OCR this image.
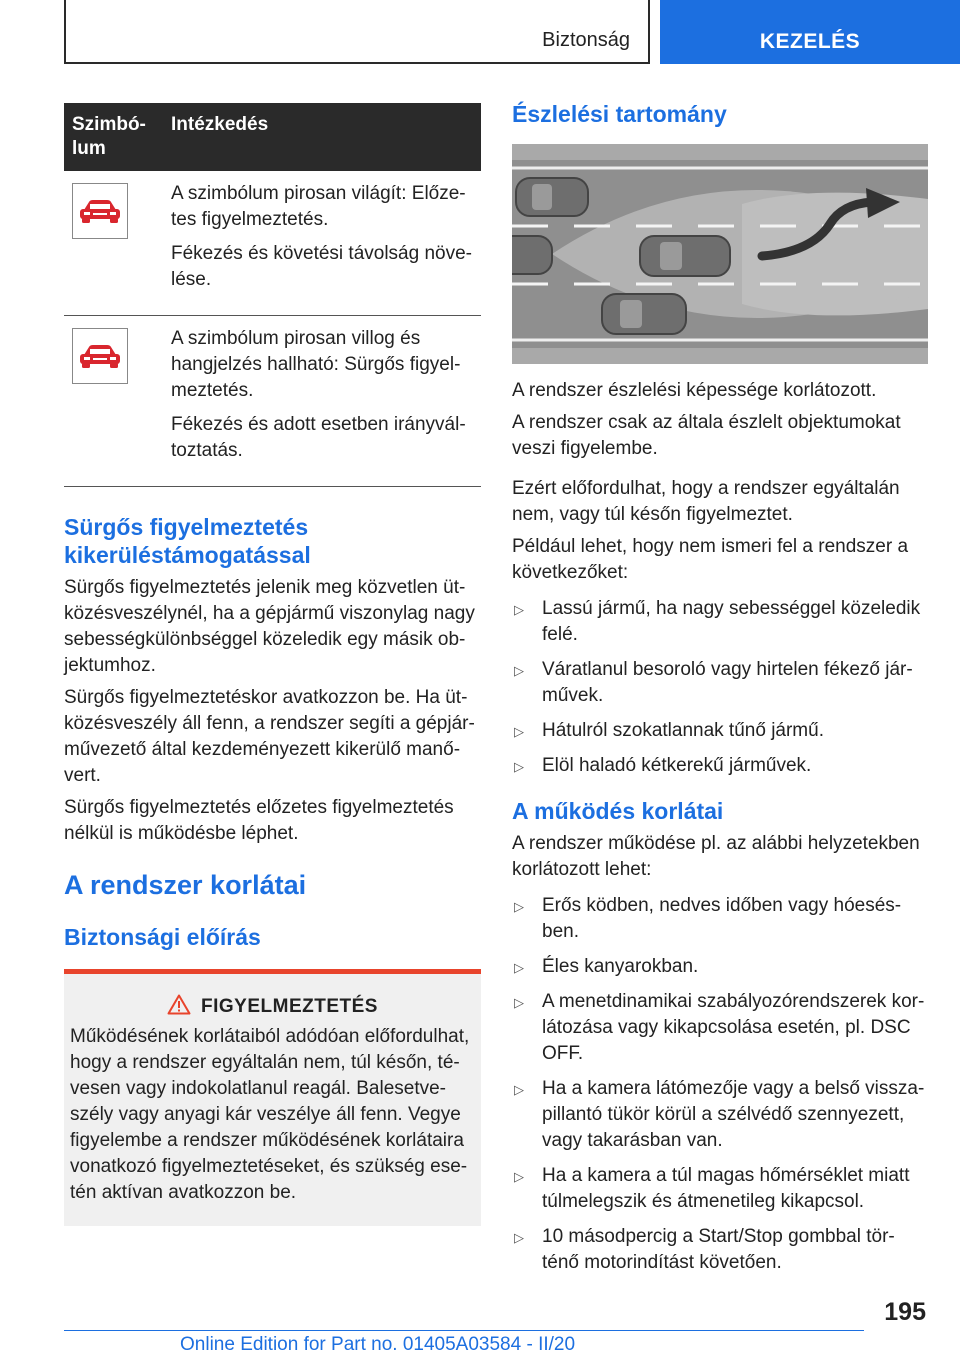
Biztonság	KEZELÉS
Szimbó-
lum	Intézkedés

A szimbólum pirosan világít: Előze-tes figyelmeztetés.

Fékezés és követési távolság növe-lése.

A szimbólum pirosan villog és hangjelzés hallható: Sürgős figyel-meztetés.

Fékezés és adott esetben irányvál-toztatás.

Sürgős figyelmeztetés kikerüléstámogatással

Sürgős figyelmeztetés jelenik meg közvetlen üt-közésveszélynél, ha a gépjármű viszonylag nagy sebességkülönbséggel közeledik egy másik ob-jektumhoz.

Sürgős figyelmeztetéskor avatkozzon be. Ha üt-közésveszély áll fenn, a rendszer segíti a gépjár-művezető által kezdeményezett kikerülő manő-vert.

Sürgős figyelmeztetés előzetes figyelmeztetés nélkül is működésbe léphet.

A rendszer korlátai
Biztonsági előírás
FIGYELMEZTETÉS

Működésének korlátaiból adódóan előfordulhat, hogy a rendszer egyáltalán nem, túl későn, té-vesen vagy indokolatlanul reagál. Balesetve-szély vagy anyagi kár veszélye áll fenn. Vegye figyelembe a rendszer működésének korlátaira vonatkozó figyelmeztetéseket, és szükség ese-tén aktívan avatkozzon be.

Észlelési tartomány

A rendszer észlelési képessége korlátozott.

A rendszer csak az általa észlelt objektumokat veszi figyelembe.

Ezért előfordulhat, hogy a rendszer egyáltalán nem, vagy túl későn figyelmeztet.

Például lehet, hogy nem ismeri fel a rendszer a következőket:

▷ Lassú jármű, ha nagy sebességgel közeledik felé.
▷ Váratlanul besoroló vagy hirtelen fékező jár-művek.
▷ Hátulról szokatlannak tűnő jármű.
▷ Elöl haladó kétkerekű járművek.
A működés korlátai

A rendszer működése pl. az alábbi helyzetekben korlátozott lehet:

▷ Erős ködben, nedves időben vagy hóesés-ben.
▷ Éles kanyarokban.
▷ A menetdinamikai szabályozórendszerek kor-látozása vagy kikapcsolása esetén, pl. DSC OFF.
▷ Ha a kamera látómezője vagy a belső vissza-pillantó tükör körül a szélvédő szennyezett, vagy takarásban van.
▷ Ha a kamera a túl magas hőmérséklet miatt túlmelegszik és átmenetileg kikapcsol.
▷ 10 másodpercig a Start/Stop gombbal tör-ténő motorindítást követően.
195
Online Edition for Part no. 01405A03584 - II/20
